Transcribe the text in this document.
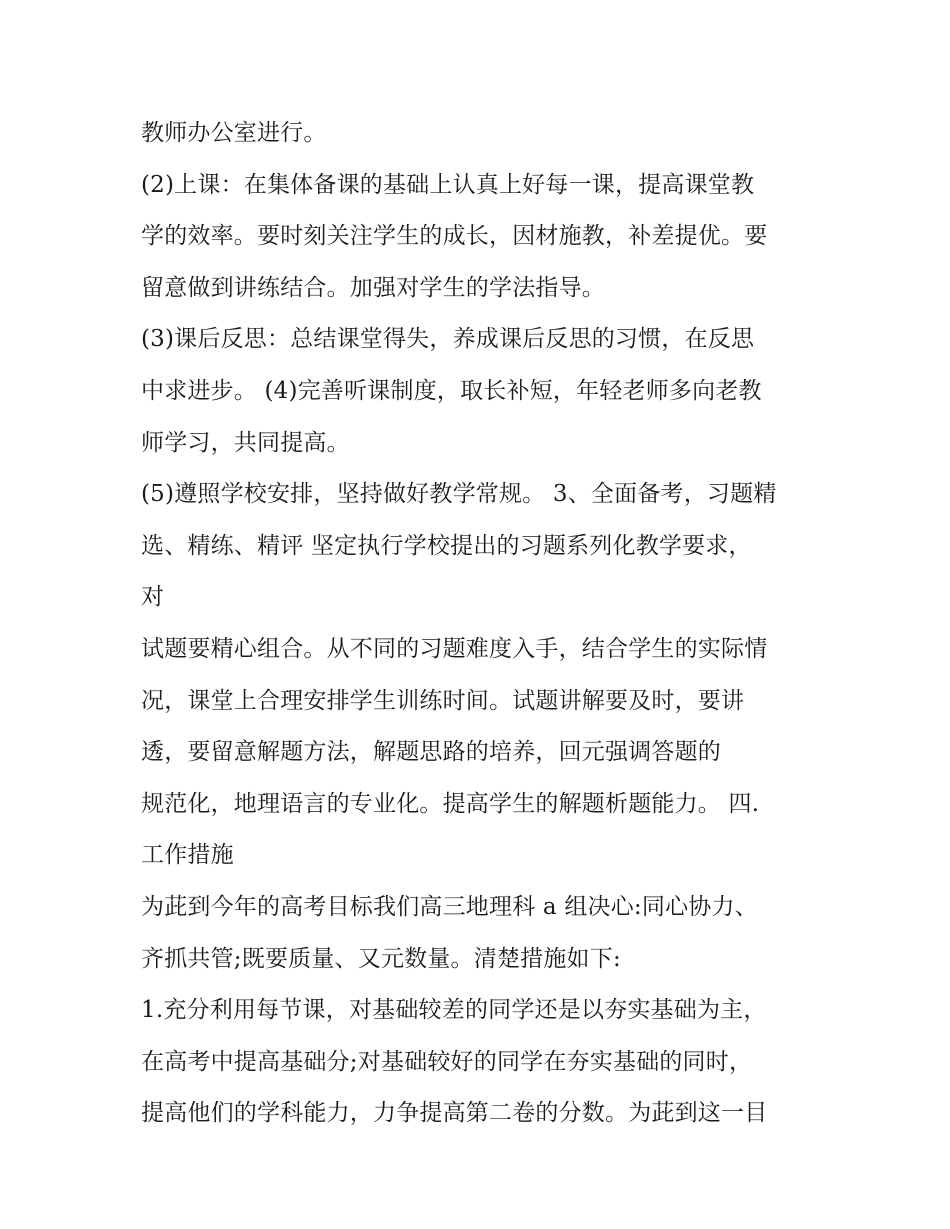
教师办公室进行。
(2)上课：在集体备课的基础上认真上好每一课，提高课堂教
学的效率。要时刻关注学生的成长，因材施教，补差提优。要
留意做到讲练结合。加强对学生的学法指导。
(3)课后反思：总结课堂得失，养成课后反思的习惯，在反思
中求进步。 (4)完善听课制度，取长补短，年轻老师多向老教
师学习，共同提高。
(5)遵照学校安排，坚持做好教学常规。 3、全面备考，习题精
选、精练、精评 坚定执行学校提出的习题系列化教学要求，
对
试题要精心组合。从不同的习题难度入手，结合学生的实际情
况，课堂上合理安排学生训练时间。试题讲解要及时，要讲
透，要留意解题方法，解题思路的培养，回元强调答题的
规范化，地理语言的专业化。提高学生的解题析题能力。 四.
工作措施
为茈到今年的高考目标我们高三地理科 a 组决心:同心协力、
齐抓共管;既要质量、又元数量。清楚措施如下:
1.充分利用每节课，对基础较差的同学还是以夯实基础为主，
在高考中提高基础分;对基础较好的同学在夯实基础的同时，
提高他们的学科能力，力争提高第二卷的分数。为茈到这一目
